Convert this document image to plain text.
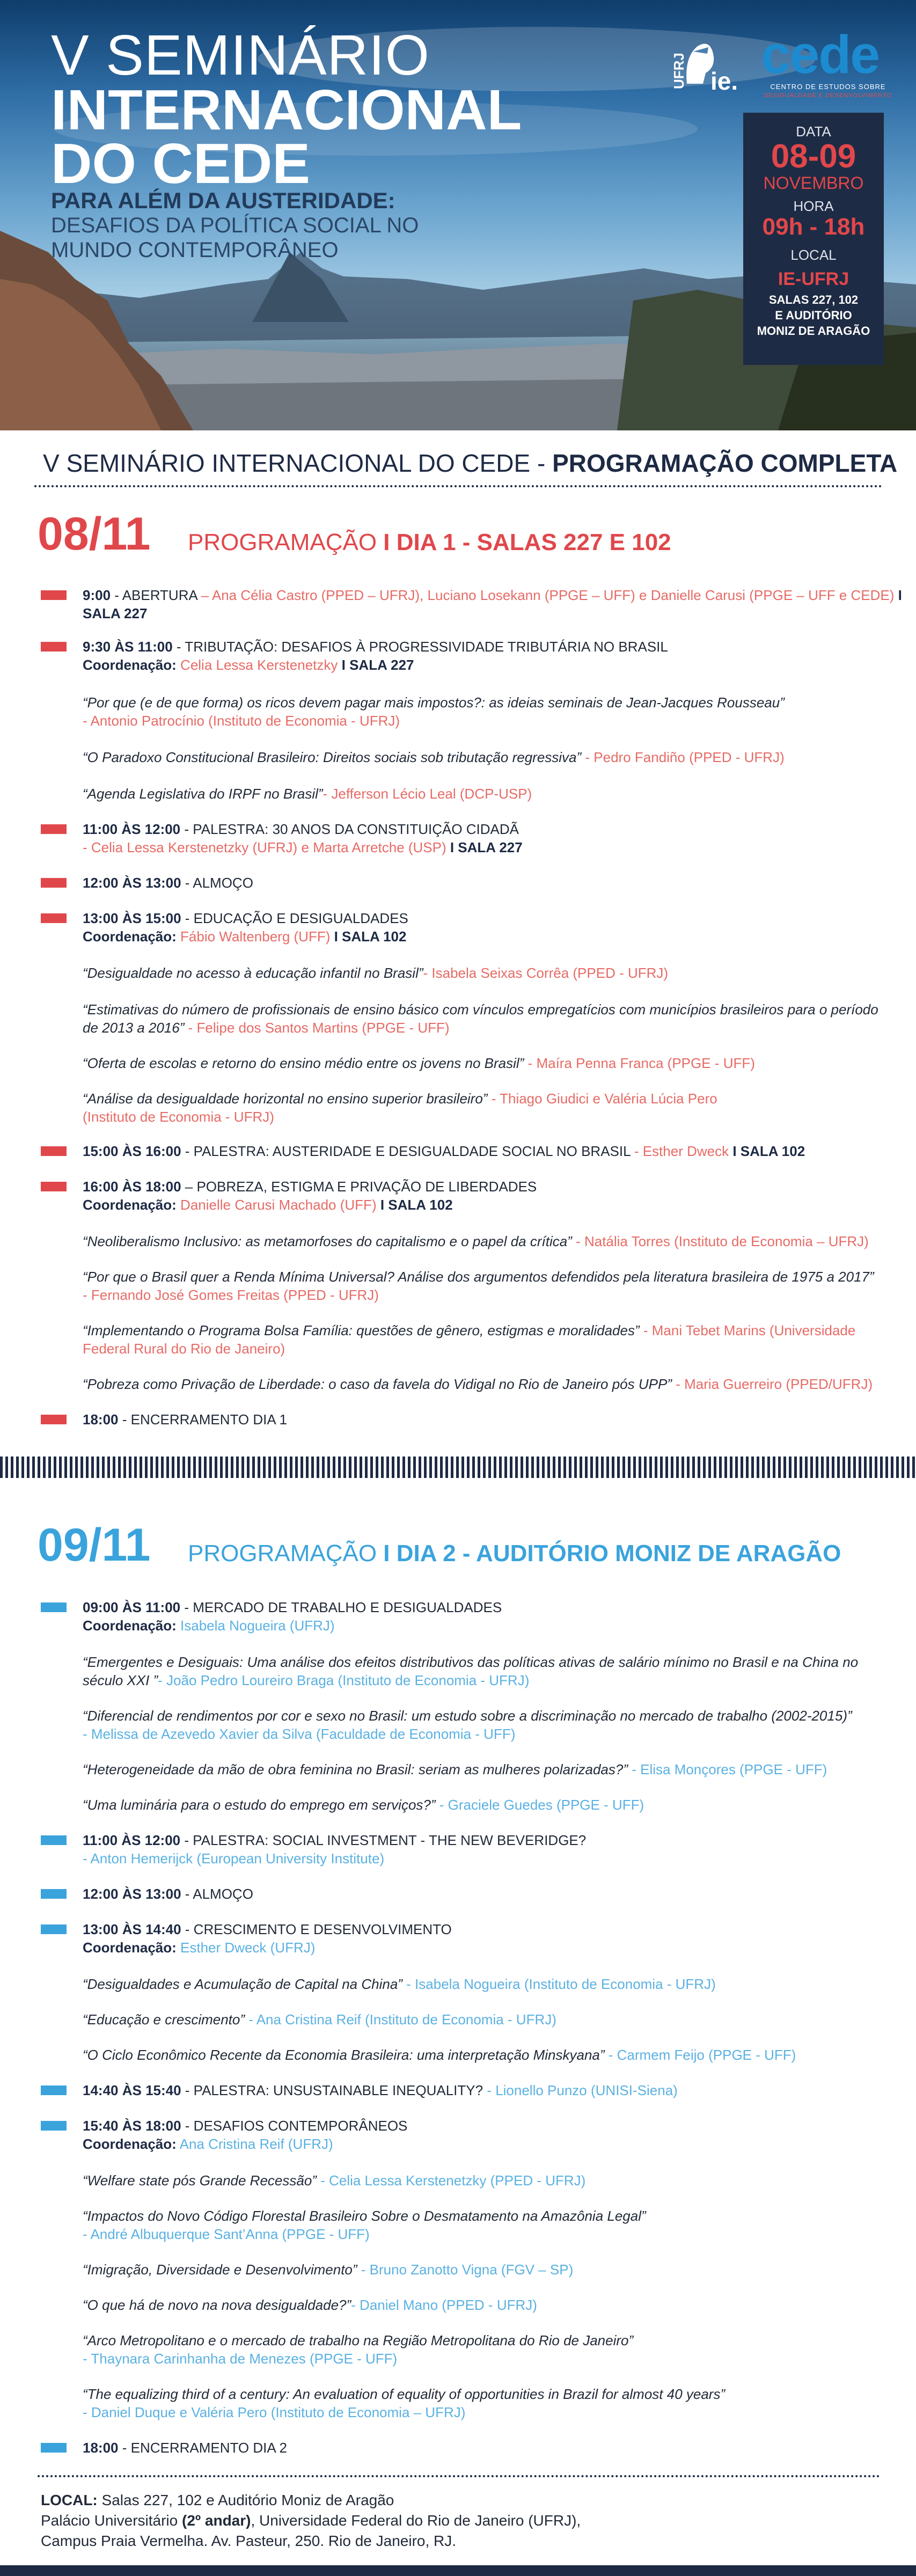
V SEMINÁRIO
INTERNACIONAL
DO CEDE
PARA ALÉM DA AUSTERIDADE:
DESAFIOS DA POLÍTICA SOCIAL NO
MUNDO CONTEMPORÂNEO
UFRJ ie. cede
CENTRO DE ESTUDOS SOBRE
DESIGUALDADE E DESENVOLVIMENTO
DATA
08-09
NOVEMBRO
HORA
09h - 18h
LOCAL
IE-UFRJ
SALAS 227, 102
E AUDITÓRIO
MONIZ DE ARAGÃO
V SEMINÁRIO INTERNACIONAL DO CEDE - PROGRAMAÇÃO COMPLETA
08/11 PROGRAMAÇÃO I DIA 1 - SALAS 227 E 102
9:00 - ABERTURA – Ana Célia Castro (PPED – UFRJ), Luciano Losekann (PPGE – UFF) e Danielle Carusi (PPGE – UFF e CEDE) I
SALA 227
9:30 ÀS 11:00 - TRIBUTAÇÃO: DESAFIOS À PROGRESSIVIDADE TRIBUTÁRIA NO BRASIL
Coordenação: Celia Lessa Kerstenetzky I SALA 227
“Por que (e de que forma) os ricos devem pagar mais impostos?: as ideias seminais de Jean-Jacques Rousseau”
- Antonio Patrocínio (Instituto de Economia - UFRJ)
“O Paradoxo Constitucional Brasileiro: Direitos sociais sob tributação regressiva” - Pedro Fandiño (PPED - UFRJ)
“Agenda Legislativa do IRPF no Brasil”- Jefferson Lécio Leal (DCP-USP)
11:00 ÀS 12:00 - PALESTRA: 30 ANOS DA CONSTITUIÇÃO CIDADÃ
- Celia Lessa Kerstenetzky (UFRJ) e Marta Arretche (USP) I SALA 227
12:00 ÀS 13:00 - ALMOÇO
13:00 ÀS 15:00 - EDUCAÇÃO E DESIGUALDADES
Coordenação: Fábio Waltenberg (UFF) I SALA 102
“Desigualdade no acesso à educação infantil no Brasil”- Isabela Seixas Corrêa (PPED - UFRJ)
“Estimativas do número de profissionais de ensino básico com vínculos empregatícios com municípios brasileiros para o período
de 2013 a 2016” - Felipe dos Santos Martins (PPGE - UFF)
“Oferta de escolas e retorno do ensino médio entre os jovens no Brasil” - Maíra Penna Franca (PPGE - UFF)
“Análise da desigualdade horizontal no ensino superior brasileiro” - Thiago Giudici e Valéria Lúcia Pero
(Instituto de Economia - UFRJ)
15:00 ÀS 16:00 - PALESTRA: AUSTERIDADE E DESIGUALDADE SOCIAL NO BRASIL - Esther Dweck I SALA 102
16:00 ÀS 18:00 – POBREZA, ESTIGMA E PRIVAÇÃO DE LIBERDADES
Coordenação: Danielle Carusi Machado (UFF) I SALA 102
“Neoliberalismo Inclusivo: as metamorfoses do capitalismo e o papel da crítica” - Natália Torres (Instituto de Economia – UFRJ)
“Por que o Brasil quer a Renda Mínima Universal? Análise dos argumentos defendidos pela literatura brasileira de 1975 a 2017”
- Fernando José Gomes Freitas (PPED - UFRJ)
“Implementando o Programa Bolsa Família: questões de gênero, estigmas e moralidades” - Mani Tebet Marins (Universidade
Federal Rural do Rio de Janeiro)
“Pobreza como Privação de Liberdade: o caso da favela do Vidigal no Rio de Janeiro pós UPP” - Maria Guerreiro (PPED/UFRJ)
18:00 - ENCERRAMENTO DIA 1
09/11 PROGRAMAÇÃO I DIA 2 - AUDITÓRIO MONIZ DE ARAGÃO
09:00 ÀS 11:00 - MERCADO DE TRABALHO E DESIGUALDADES
Coordenação: Isabela Nogueira (UFRJ)
“Emergentes e Desiguais: Uma análise dos efeitos distributivos das políticas ativas de salário mínimo no Brasil e na China no
século XXI ”- João Pedro Loureiro Braga (Instituto de Economia - UFRJ)
“Diferencial de rendimentos por cor e sexo no Brasil: um estudo sobre a discriminação no mercado de trabalho (2002-2015)”
- Melissa de Azevedo Xavier da Silva (Faculdade de Economia - UFF)
“Heterogeneidade da mão de obra feminina no Brasil: seriam as mulheres polarizadas?” - Elisa Monçores (PPGE - UFF)
“Uma luminária para o estudo do emprego em serviços?” - Graciele Guedes (PPGE - UFF)
11:00 ÀS 12:00 - PALESTRA: SOCIAL INVESTMENT - THE NEW BEVERIDGE?
- Anton Hemerijck (European University Institute)
12:00 ÀS 13:00 - ALMOÇO
13:00 ÀS 14:40 - CRESCIMENTO E DESENVOLVIMENTO
Coordenação: Esther Dweck (UFRJ)
“Desigualdades e Acumulação de Capital na China” - Isabela Nogueira (Instituto de Economia - UFRJ)
“Educação e crescimento” - Ana Cristina Reif (Instituto de Economia - UFRJ)
“O Ciclo Econômico Recente da Economia Brasileira: uma interpretação Minskyana” - Carmem Feijo (PPGE - UFF)
14:40 ÀS 15:40 - PALESTRA: UNSUSTAINABLE INEQUALITY? - Lionello Punzo (UNISI-Siena)
15:40 ÀS 18:00 - DESAFIOS CONTEMPORÂNEOS
Coordenação: Ana Cristina Reif (UFRJ)
“Welfare state pós Grande Recessão” - Celia Lessa Kerstenetzky (PPED - UFRJ)
“Impactos do Novo Código Florestal Brasileiro Sobre o Desmatamento na Amazônia Legal”
- André Albuquerque Sant’Anna (PPGE - UFF)
“Imigração, Diversidade e Desenvolvimento” - Bruno Zanotto Vigna (FGV – SP)
“O que há de novo na nova desigualdade?”- Daniel Mano (PPED - UFRJ)
“Arco Metropolitano e o mercado de trabalho na Região Metropolitana do Rio de Janeiro”
- Thaynara Carinhanha de Menezes (PPGE - UFF)
“The equalizing third of a century: An evaluation of equality of opportunities in Brazil for almost 40 years”
- Daniel Duque e Valéria Pero (Instituto de Economia – UFRJ)
18:00 - ENCERRAMENTO DIA 2
LOCAL: Salas 227, 102 e Auditório Moniz de Aragão
Palácio Universitário (2º andar), Universidade Federal do Rio de Janeiro (UFRJ),
Campus Praia Vermelha. Av. Pasteur, 250. Rio de Janeiro, RJ.
